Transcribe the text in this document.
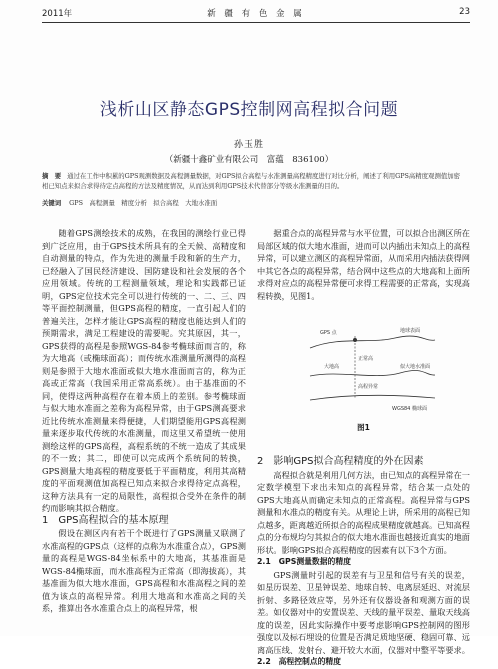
2011年	新 疆 有 色 金 属	23
浅析山区静态GPS控制网高程拟合问题
孙玉胜
（新疆十鑫矿业有限公司　富蕴　836100）
摘　要 通过在工作中积累的GPS观测数据及高程测量数据，对GPS拟合高程与水准测量高程精度进行对比分析，阐述了利用GPS高精度观测值加密相已知点来拟合求得待定点高程的方法及精度情况，从而达到利用GPS技术代替部分等级水准测量的目的。
关键词 GPS　高程测量　精度分析　拟合高程　大地水准面

随着GPS测绘技术的成熟，在我国的测绘行业已得到广泛应用，由于GPS技术所具有的全天候、高精度和自动测量的特点，作为先进的测量手段和新的生产力，已经融入了国民经济建设、国防建设和社会发展的各个应用领域。传统的工程测量领域，理论和实践都已证明，GPS定位技术完全可以进行传统的一、二、三、四等平面控制测量，但GPS高程的精度，一直引起人们的普遍关注，怎样才能让GPS高程的精度也能达到人们的预期需求，满足工程建设的需要呢。究其原因，其一，GPS获得的高程是参照WGS-84参考椭球面而言的，称为大地高（或椭球面高）；而传统水准测量所测得的高程则是参照于大地水准面或似大地水准面而言的，称为正高或正常高（我国采用正常高系统）。由于基准面的不同，使得这两种高程存在着本质上的差别。参考椭球面与似大地水准面之差称为高程异常，由于GPS测高要求近比传统水准测量来得便捷，人们期望能用GPS高程测量来逐步取代传统的水准测量，而这里又希望统一使用测绘这样的GPS高程，高程系统的不统一造成了其成果的不一致；其二，即使可以完成两个系统间的转换，GPS测量大地高程的精度要低于平面精度，利用其高精度的平面观测值加高程已知点来拟合求得待定点高程，这种方法具有一定的局限性，高程拟合受外在条件的制约而影响其拟合精度。

1　GPS高程拟合的基本原理

假设在测区内有若干个既进行了GPS测量又联测了水准高程的GPS点（这样的点称为水准重合点），GPS测量的高程是WGS-84坐标系中的大地高，其基准面是WGS-84椭球面，而水准高程为正常高（即海拔高），其基准面为似大地水准面，GPS高程和水准高程之间的差值为该点的高程异常。利用大地高和水准高之间的关系，推算出各水准重合点上的高程异常，根

据重合点的高程异常与水平位置，可以拟合出测区所在局部区域的似大地水准面，进而可以内插出未知点上的高程异常，可以建立测区的高程异常面，从而采用内插法获得网中其它各点的高程异常，结合网中这些点的大地高和上面所求得对应点的高程异常便可求得工程需要的正常高，实现高程转换，见图1。

GPS 点	地球表面
高程异常
正常高
大地高	似大地水准面
WGS84 椭球面
图1

2　影响GPS拟合高程精度的外在因素

高程拟合就是利用几何方法，由已知点的高程异常在一定数学模型下求出未知点的高程异常，结合某一点处的GPS大地高从而确定未知点的正常高程。高程异常与GPS测量和水准点的精度有关。从理论上讲，所采用的高程已知点越多，距离越近所拟合的高程成果精度就越高。已知高程点的分布规均匀其拟合的似大地水准面也越接近真实的地面形状。影响GPS拟合高程精度的因素有以下3个方面。

2.1　GPS测量数据的精度

GPS测量时引起的误差有与卫星和信号有关的误差，如星历误差、卫星钟误差、地球自转、电离层延迟、对流层折射、多路径效应等，另外还有仪器设备和观测方面的误差。如仪器对中的安置误差、天线的量平误差、量取天线高度的误差，因此实际操作中要考虑影响GPS控制网的图形强度以及标石埋设的位置是否满足质地坚硬、稳固可靠、远离高压线、发射台、避开较大水面，仪器对中整平等要求。

2.2　高程控制点的精度
